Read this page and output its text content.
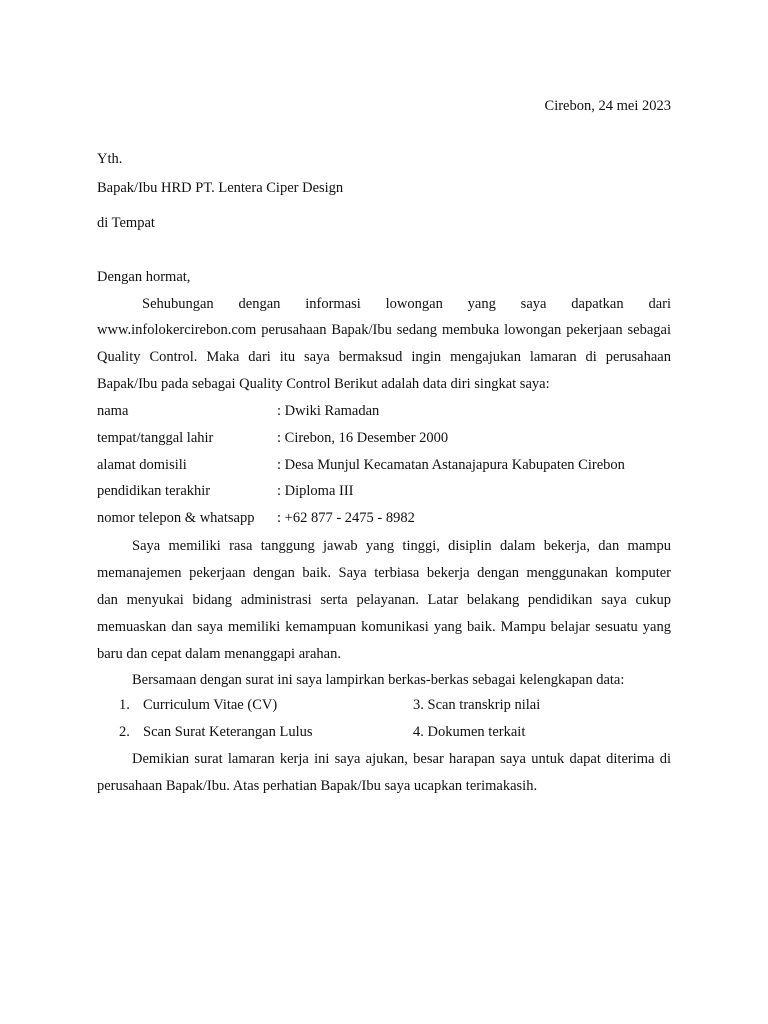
Cirebon, 24 mei 2023
Yth.
Bapak/Ibu HRD PT. Lentera Ciper Design
di Tempat
Dengan hormat,
Sehubungan dengan informasi lowongan yang saya dapatkan dari
www.infolokercirebon.com perusahaan Bapak/Ibu sedang membuka lowongan pekerjaan sebagai
Quality Control. Maka dari itu saya bermaksud ingin mengajukan lamaran di perusahaan
Bapak/Ibu pada sebagai Quality Control Berikut adalah data diri singkat saya:
nama	: Dwiki Ramadan
tempat/tanggal lahir	: Cirebon, 16 Desember 2000
alamat domisili	: Desa Munjul Kecamatan Astanajapura Kabupaten Cirebon
pendidikan terakhir	: Diploma III
nomor telepon & whatsapp : +62 877 - 2475 - 8982
Saya memiliki rasa tanggung jawab yang tinggi, disiplin dalam bekerja, dan mampu
memanajemen pekerjaan dengan baik. Saya terbiasa bekerja dengan menggunakan komputer
dan menyukai bidang administrasi serta pelayanan. Latar belakang pendidikan saya cukup
memuaskan dan saya memiliki kemampuan komunikasi yang baik. Mampu belajar sesuatu yang
baru dan cepat dalam menanggapi arahan.
Bersamaan dengan surat ini saya lampirkan berkas-berkas sebagai kelengkapan data:
1. Curriculum Vitae (CV)	3. Scan transkrip nilai
2. Scan Surat Keterangan Lulus	4. Dokumen terkait
Demikian surat lamaran kerja ini saya ajukan, besar harapan saya untuk dapat diterima di
perusahaan Bapak/Ibu. Atas perhatian Bapak/Ibu saya ucapkan terimakasih.
